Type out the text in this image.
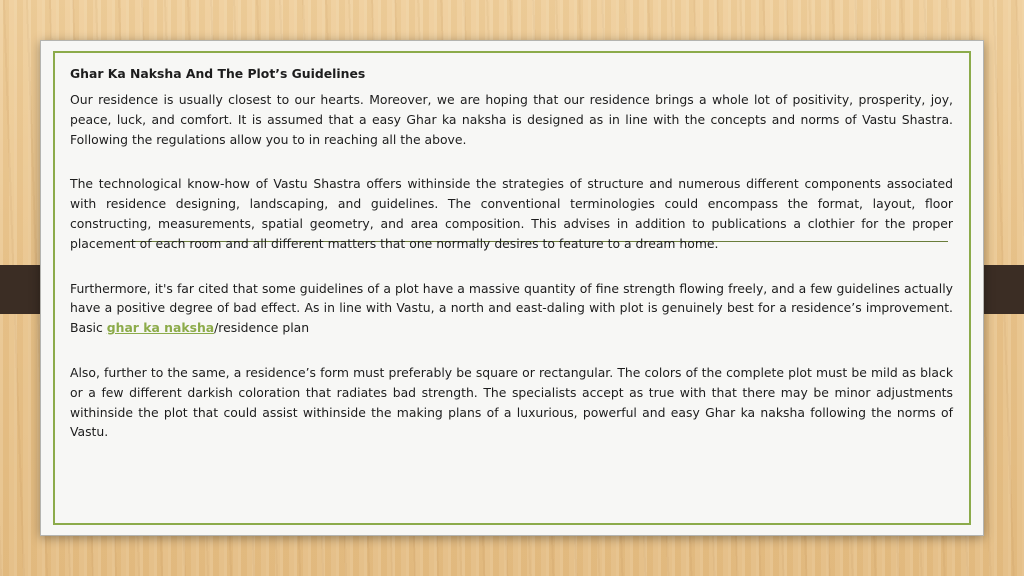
Ghar Ka Naksha And The Plot’s Guidelines

Our residence is usually closest to our hearts. Moreover, we are hoping that our residence brings a whole lot of positivity, prosperity, joy, peace, luck, and comfort. It is assumed that a easy Ghar ka naksha is designed as in line with the concepts and norms of Vastu Shastra. Following the regulations allow you to in reaching all the above.

The technological know-how of Vastu Shastra offers withinside the strategies of structure and numerous different components associated with residence designing, landscaping, and guidelines. The conventional terminologies could encompass the format, layout, floor constructing, measurements, spatial geometry, and area composition. This advises in addition to publications a clothier for the proper placement of each room and all different matters that one normally desires to feature to a dream home.

Furthermore, it's far cited that some guidelines of a plot have a massive quantity of fine strength flowing freely, and a few guidelines actually have a positive degree of bad effect. As in line with Vastu, a north and east-daling with plot is genuinely best for a residence’s improvement. Basic ghar ka naksha/residence plan

Also, further to the same, a residence’s form must preferably be square or rectangular. The colors of the complete plot must be mild as black or a few different darkish coloration that radiates bad strength. The specialists accept as true with that there may be minor adjustments withinside the plot that could assist withinside the making plans of a luxurious, powerful and easy Ghar ka naksha following the norms of Vastu.
